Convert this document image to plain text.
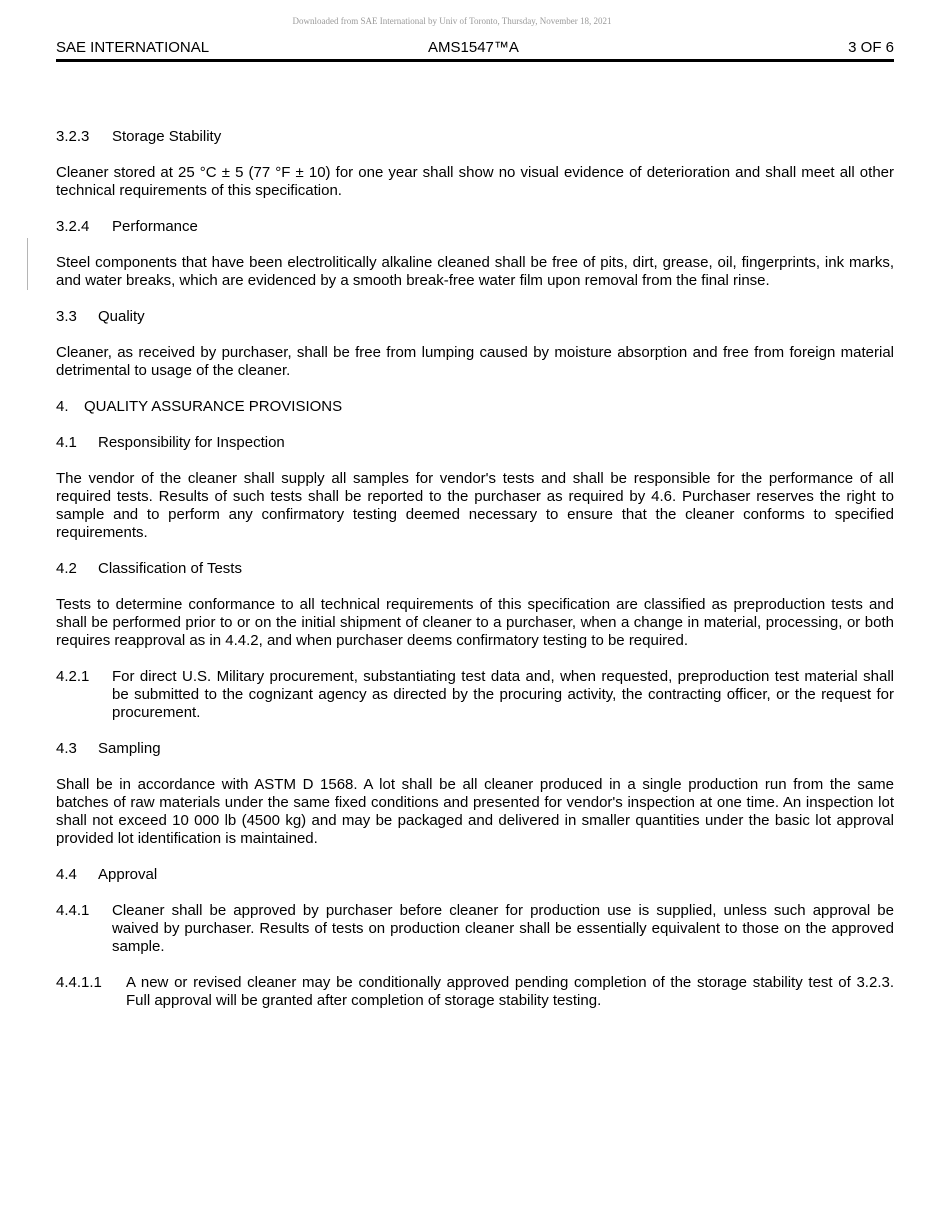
Downloaded from SAE International by Univ of Toronto, Thursday, November 18, 2021
SAE INTERNATIONAL	AMS1547™A	3 OF 6
3.2.3 Storage Stability

Cleaner stored at 25 °C ± 5 (77 °F ± 10) for one year shall show no visual evidence of deterioration and shall meet all other technical requirements of this specification.

3.2.4 Performance

Steel components that have been electrolitically alkaline cleaned shall be free of pits, dirt, grease, oil, fingerprints, ink marks, and water breaks, which are evidenced by a smooth break-free water film upon removal from the final rinse.

3.3 Quality

Cleaner, as received by purchaser, shall be free from lumping caused by moisture absorption and free from foreign material detrimental to usage of the cleaner.

4. QUALITY ASSURANCE PROVISIONS
4.1 Responsibility for Inspection

The vendor of the cleaner shall supply all samples for vendor's tests and shall be responsible for the performance of all required tests. Results of such tests shall be reported to the purchaser as required by 4.6. Purchaser reserves the right to sample and to perform any confirmatory testing deemed necessary to ensure that the cleaner conforms to specified requirements.

4.2 Classification of Tests

Tests to determine conformance to all technical requirements of this specification are classified as preproduction tests and shall be performed prior to or on the initial shipment of cleaner to a purchaser, when a change in material, processing, or both requires reapproval as in 4.4.2, and when purchaser deems confirmatory testing to be required.

4.2.1 For direct U.S. Military procurement, substantiating test data and, when requested, preproduction test material shall be submitted to the cognizant agency as directed by the procuring activity, the contracting officer, or the request for procurement.
4.3 Sampling

Shall be in accordance with ASTM D 1568. A lot shall be all cleaner produced in a single production run from the same batches of raw materials under the same fixed conditions and presented for vendor's inspection at one time. An inspection lot shall not exceed 10 000 lb (4500 kg) and may be packaged and delivered in smaller quantities under the basic lot approval provided lot identification is maintained.

4.4 Approval
4.4.1 Cleaner shall be approved by purchaser before cleaner for production use is supplied, unless such approval be waived by purchaser. Results of tests on production cleaner shall be essentially equivalent to those on the approved sample.
4.4.1.1 A new or revised cleaner may be conditionally approved pending completion of the storage stability test of 3.2.3. Full approval will be granted after completion of storage stability testing.
